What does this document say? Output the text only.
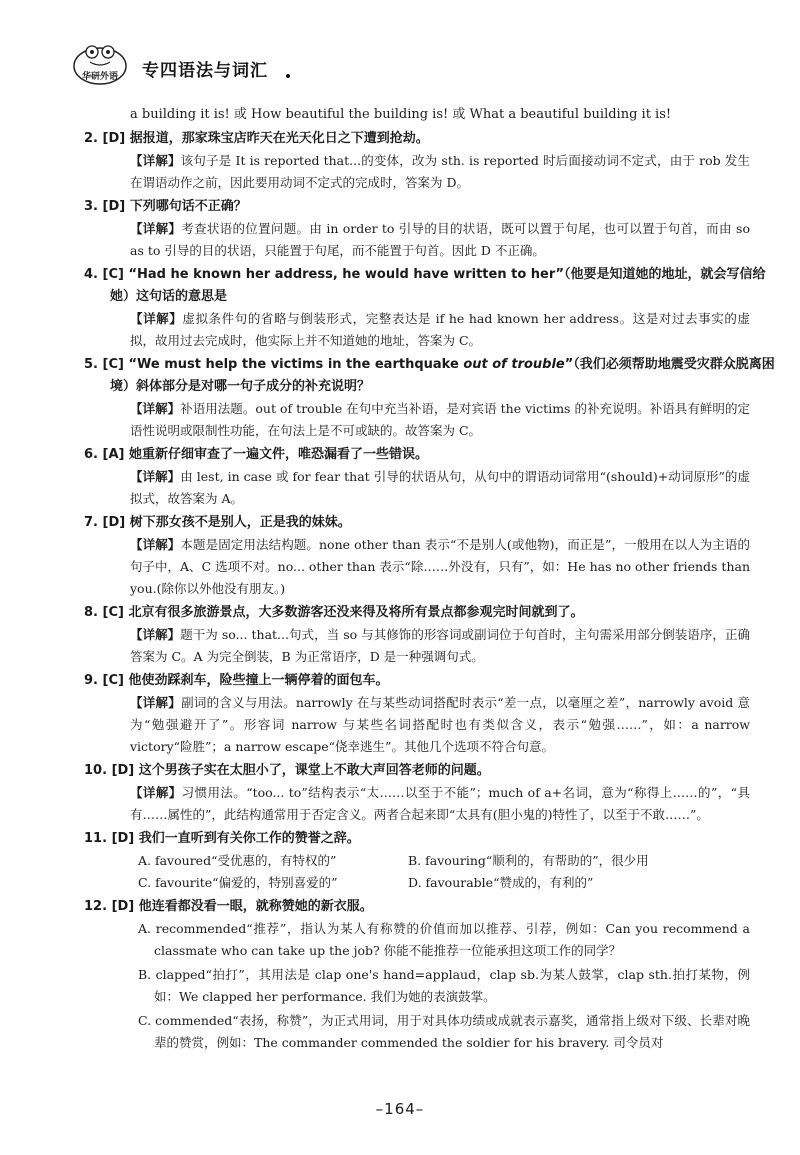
华研外语 专四语法与词汇
a building it is! 或 How beautiful the building is! 或 What a beautiful building it is!
2. [D] 据报道，那家珠宝店昨天在光天化日之下遭到抢劫。
【详解】该句子是 It is reported that...的变体，改为 sth. is reported 时后面接动词不定式，由于 rob 发生在谓语动作之前，因此要用动词不定式的完成时，答案为 D。
3. [D] 下列哪句话不正确？
【详解】考查状语的位置问题。由 in order to 引导的目的状语，既可以置于句尾，也可以置于句首，而由 so as to 引导的目的状语，只能置于句尾，而不能置于句首。因此 D 不正确。
4. [C] “Had he known her address, he would have written to her”（他要是知道她的地址，就会写信给她）这句话的意思是
【详解】虚拟条件句的省略与倒装形式，完整表达是 if he had known her address。这是对过去事实的虚拟，故用过去完成时，他实际上并不知道她的地址，答案为 C。
5. [C] “We must help the victims in the earthquake out of trouble”（我们必须帮助地震受灾群众脱离困境）斜体部分是对哪一句子成分的补充说明？
【详解】补语用法题。out of trouble 在句中充当补语，是对宾语 the victims 的补充说明。补语具有鲜明的定语性说明或限制性功能，在句法上是不可或缺的。故答案为 C。
6. [A] 她重新仔细审查了一遍文件，唯恐漏看了一些错误。
【详解】由 lest, in case 或 for fear that 引导的状语从句，从句中的谓语动词常用“(should)+动词原形”的虚拟式，故答案为 A。
7. [D] 树下那女孩不是别人，正是我的妹妹。
【详解】本题是固定用法结构题。none other than 表示“不是别人(或他物)，而正是”，一般用在以人为主语的句子中，A、C 选项不对。no... other than 表示“除……外没有，只有”，如：He has no other friends than you.(除你以外他没有朋友。)
8. [C] 北京有很多旅游景点，大多数游客还没来得及将所有景点都参观完时间就到了。
【详解】题干为 so... that...句式，当 so 与其修饰的形容词或副词位于句首时，主句需采用部分倒装语序，正确答案为 C。A 为完全倒装，B 为正常语序，D 是一种强调句式。
9. [C] 他使劲踩刹车，险些撞上一辆停着的面包车。
【详解】副词的含义与用法。narrowly 在与某些动词搭配时表示“差一点，以毫厘之差”，narrowly avoid 意为“勉强避开了”。形容词 narrow 与某些名词搭配时也有类似含义，表示“勉强……”，如：a narrow victory“险胜”；a narrow escape“侥幸逃生”。其他几个选项不符合句意。
10. [D] 这个男孩子实在太胆小了，课堂上不敢大声回答老师的问题。
【详解】习惯用法。“too... to”结构表示“太……以至于不能”；much of a+名词，意为“称得上……的”，“具有……属性的”，此结构通常用于否定含义。两者合起来即“太具有(胆小鬼的)特性了，以至于不敢……”。
11. [D] 我们一直听到有关你工作的赞誉之辞。
A. favoured“受优惠的，有特权的”	B. favouring“顺利的，有帮助的”，很少用
C. favourite“偏爱的，特别喜爱的”	D. favourable“赞成的，有利的”
12. [D] 他连看都没看一眼，就称赞她的新衣服。
A. recommended“推荐”，指认为某人有称赞的价值而加以推荐、引荐，例如：Can you recommend a classmate who can take up the job? 你能不能推荐一位能承担这项工作的同学？
B. clapped“拍打”，其用法是 clap one's hand=applaud，clap sb.为某人鼓掌，clap sth.拍打某物，例如：We clapped her performance. 我们为她的表演鼓掌。
C. commended“表扬，称赞”，为正式用词，用于对具体功绩或成就表示嘉奖，通常指上级对下级、长辈对晚辈的赞赏，例如：The commander commended the soldier for his bravery. 司令员对
–164–
